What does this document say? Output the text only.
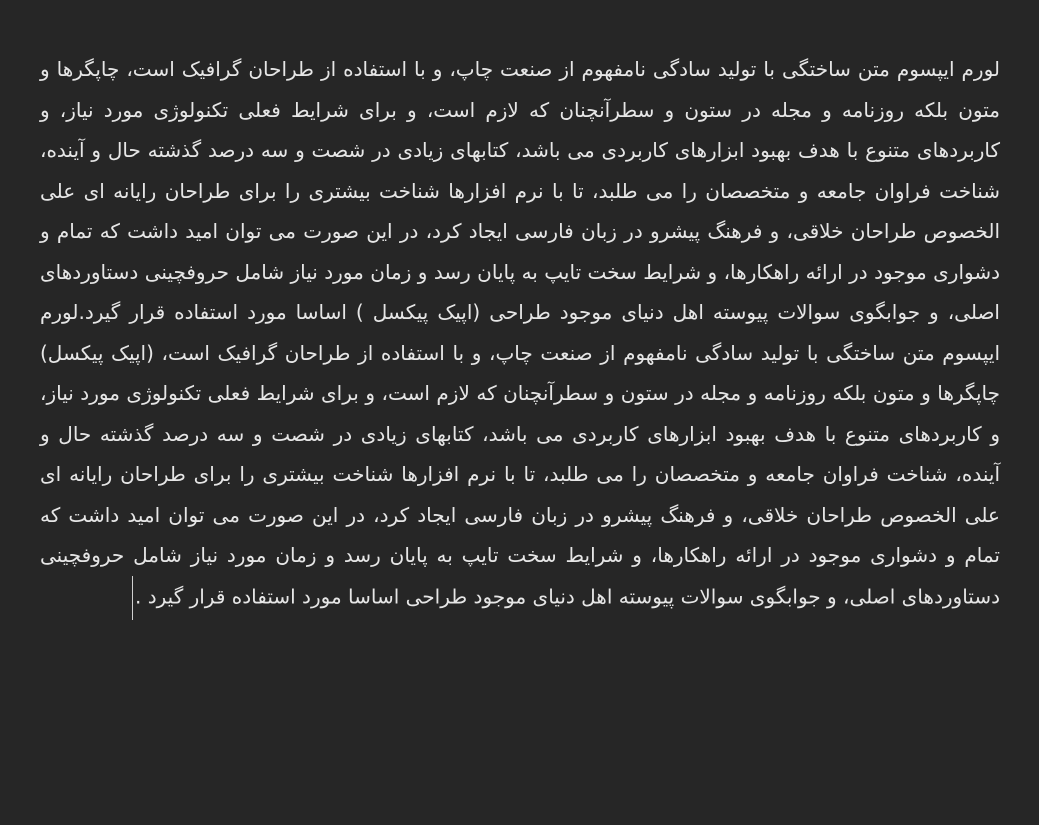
لورم ایپسوم متن ساختگی با تولید سادگی نامفهوم از صنعت چاپ، و با استفاده از طراحان گرافیک است، چاپگرها و متون بلکه روزنامه و مجله در ستون و سطرآنچنان که لازم است، و برای شرایط فعلی تکنولوژی مورد نیاز، و کاربردهای متنوع با هدف بهبود ابزارهای کاربردی می باشد، کتابهای زیادی در شصت و سه درصد گذشته حال و آینده، شناخت فراوان جامعه و متخصصان را می طلبد، تا با نرم افزارها شناخت بیشتری را برای طراحان رایانه ای علی الخصوص طراحان خلاقی، و فرهنگ پیشرو در زبان فارسی ایجاد کرد، در این صورت می توان امید داشت که تمام و دشواری موجود در ارائه راهکارها، و شرایط سخت تایپ به پایان رسد و زمان مورد نیاز شامل حروفچینی دستاوردهای اصلی، و جوابگوی سوالات پیوسته اهل دنیای موجود طراحی (اپیک پیکسل ) اساسا مورد استفاده قرار گیرد.لورم ایپسوم متن ساختگی با تولید سادگی نامفهوم از صنعت چاپ، و با استفاده از طراحان گرافیک است، (اپیک پیکسل) چاپگرها و متون بلکه روزنامه و مجله در ستون و سطرآنچنان که لازم است، و برای شرایط فعلی تکنولوژی مورد نیاز، و کاربردهای متنوع با هدف بهبود ابزارهای کاربردی می باشد، کتابهای زیادی در شصت و سه درصد گذشته حال و آینده، شناخت فراوان جامعه و متخصصان را می طلبد، تا با نرم افزارها شناخت بیشتری را برای طراحان رایانه ای علی الخصوص طراحان خلاقی، و فرهنگ پیشرو در زبان فارسی ایجاد کرد، در این صورت می توان امید داشت که تمام و دشواری موجود در ارائه راهکارها، و شرایط سخت تایپ به پایان رسد و زمان مورد نیاز شامل حروفچینی دستاوردهای اصلی، و جوابگوی سوالات پیوسته اهل دنیای موجود طراحی اساسا مورد استفاده قرار گیرد .
